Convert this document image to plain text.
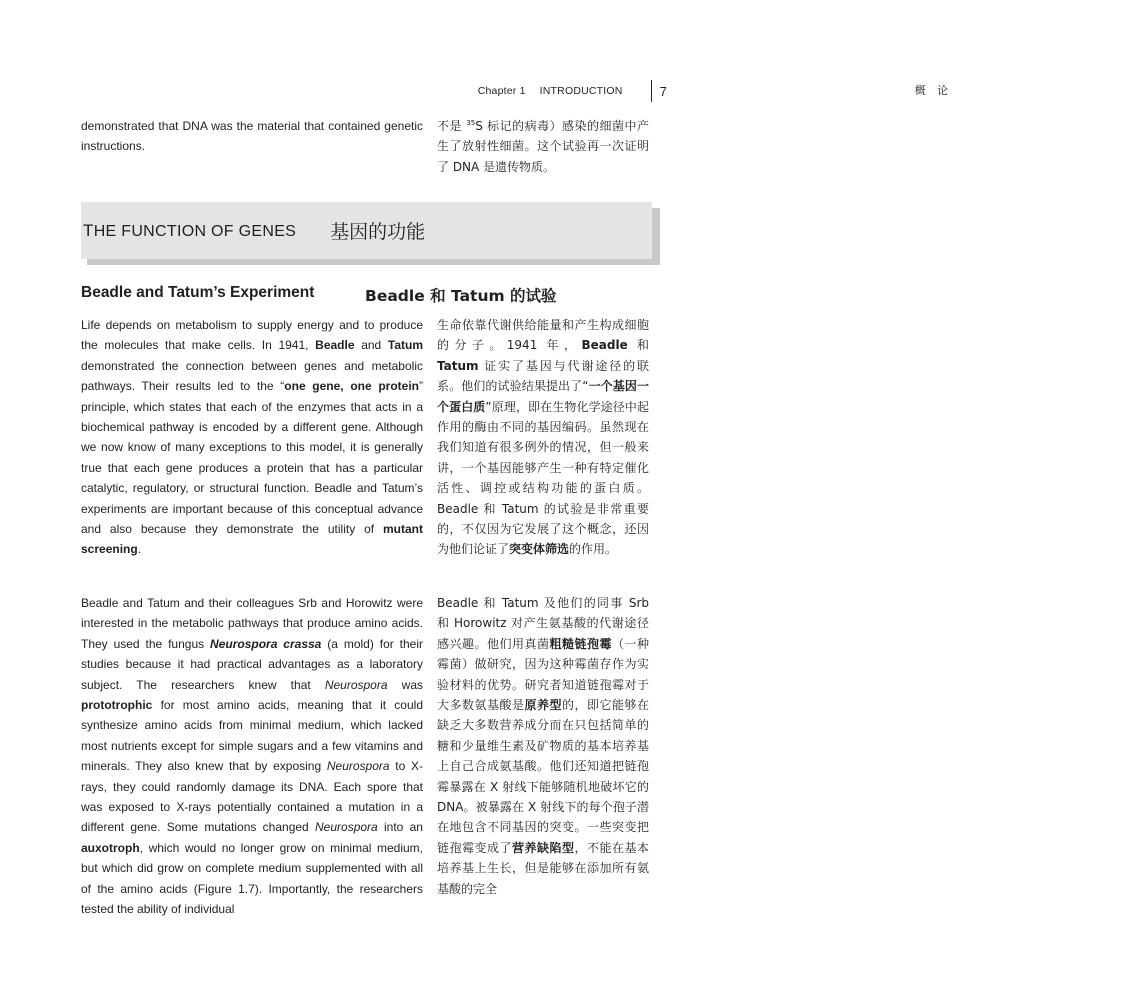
Chapter 1 INTRODUCTION	概　论
7
demonstrated that DNA was the material that contained genetic instructions.
不是 $^{35}$S 标记的病毒）感染的细菌中产生了放射性细菌。这个试验再一次证明了 DNA 是遗传物质。
THE FUNCTION OF GENES 基因的功能
Beadle and Tatum’s Experiment	Beadle 和 Tatum 的试验
Life depends on metabolism to supply energy and to produce the molecules that make cells. In 1941, Beadle and Tatum demonstrated the connection between genes and metabolic pathways. Their results led to the “one gene, one protein” principle, which states that each of the enzymes that acts in a biochemical pathway is encoded by a different gene. Although we now know of many exceptions to this model, it is generally true that each gene produces a protein that has a particular catalytic, regulatory, or structural function. Beadle and Tatum’s experiments are important because of this conceptual advance and also because they demonstrate the utility of mutant screening.
生命依靠代谢供给能量和产生构成细胞的分子。1941 年，Beadle 和 Tatum 证实了基因与代谢途径的联系。他们的试验结果提出了“一个基因一个蛋白质”原理，即在生物化学途径中起作用的酶由不同的基因编码。虽然现在我们知道有很多例外的情况，但一般来讲，一个基因能够产生一种有特定催化活性、调控或结构功能的蛋白质。Beadle 和 Tatum 的试验是非常重要的，不仅因为它发展了这个概念，还因为他们论证了突变体筛选的作用。
Beadle and Tatum and their colleagues Srb and Horowitz were interested in the metabolic pathways that produce amino acids. They used the fungus Neurospora crassa (a mold) for their studies because it had practical advantages as a laboratory subject. The researchers knew that Neurospora was prototrophic for most amino acids, meaning that it could synthesize amino acids from minimal medium, which lacked most nutrients except for simple sugars and a few vitamins and minerals. They also knew that by exposing Neurospora to X-rays, they could randomly damage its DNA. Each spore that was exposed to X-rays potentially contained a mutation in a different gene. Some mutations changed Neurospora into an auxotroph, which would no longer grow on minimal medium, but which did grow on complete medium supplemented with all of the amino acids (Figure 1.7). Importantly, the researchers tested the ability of individual
Beadle 和 Tatum 及他们的同事 Srb 和 Horowitz 对产生氨基酸的代谢途径感兴趣。他们用真菌粗糙链孢霉（一种霉菌）做研究，因为这种霉菌存作为实验材料的优势。研究者知道链孢霉对于大多数氨基酸是原养型的，即它能够在缺乏大多数营养成分而在只包括简单的糖和少量维生素及矿物质的基本培养基上自己合成氨基酸。他们还知道把链孢霉暴露在 X 射线下能够随机地破坏它的 DNA。被暴露在 X 射线下的每个孢子潜在地包含不同基因的突变。一些突变把链孢霉变成了营养缺陷型，不能在基本培养基上生长，但是能够在添加所有氨基酸的完全
